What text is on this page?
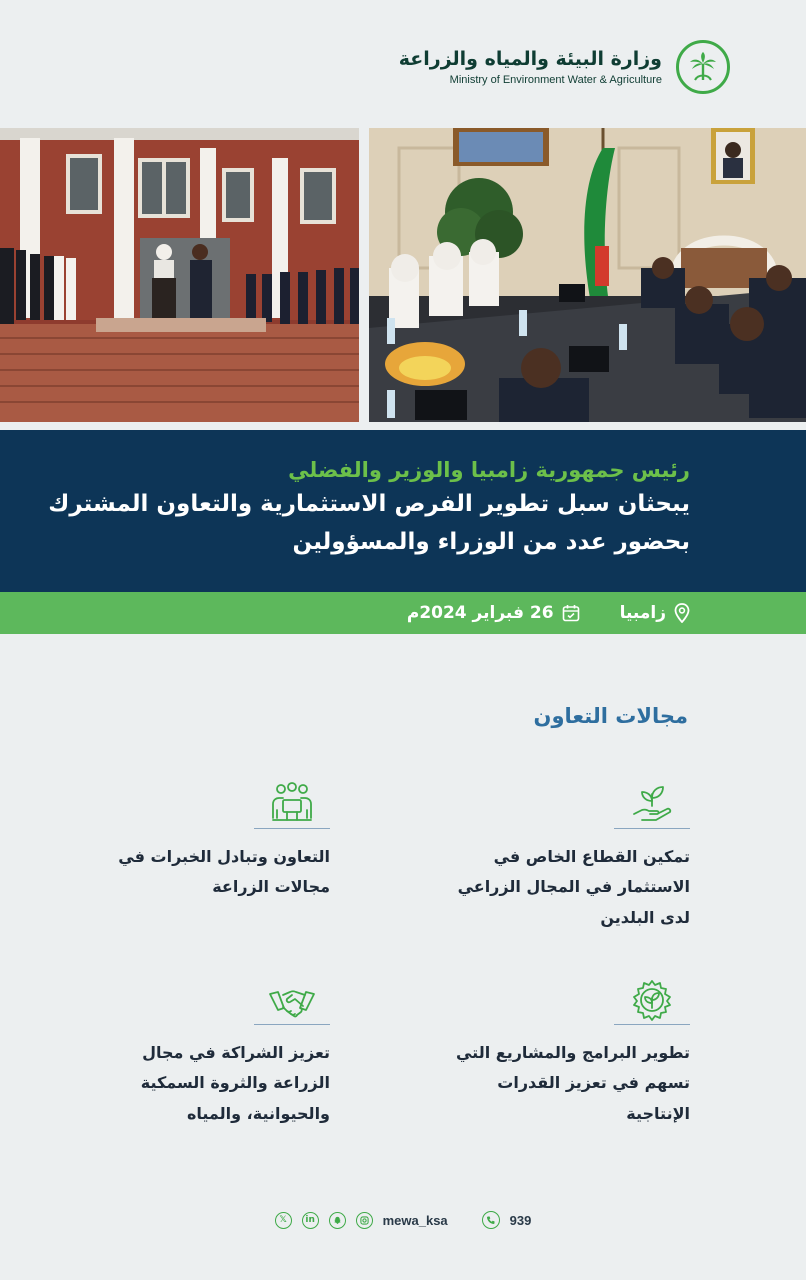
وزارة البيئة والمياه والزراعة
Ministry of Environment Water & Agriculture
رئيس جمهورية زامبيا والوزير والفضلي
يبحثان سبل تطوير الفرص الاستثمارية والتعاون المشترك
بحضور عدد من الوزراء والمسؤولين
زامبيا
26 فبراير 2024م
مجالات التعاون
تمكين القطاع الخاص في الاستثمار في المجال الزراعي لدى البلدين
التعاون وتبادل الخبرات في مجالات الزراعة
تطوير البرامج والمشاريع التي تسهم في تعزيز القدرات الإنتاجية
تعزيز الشراكة في مجال الزراعة والثروة السمكية والحيوانية، والمياه
𝕏	in	mewa_ksa	939
